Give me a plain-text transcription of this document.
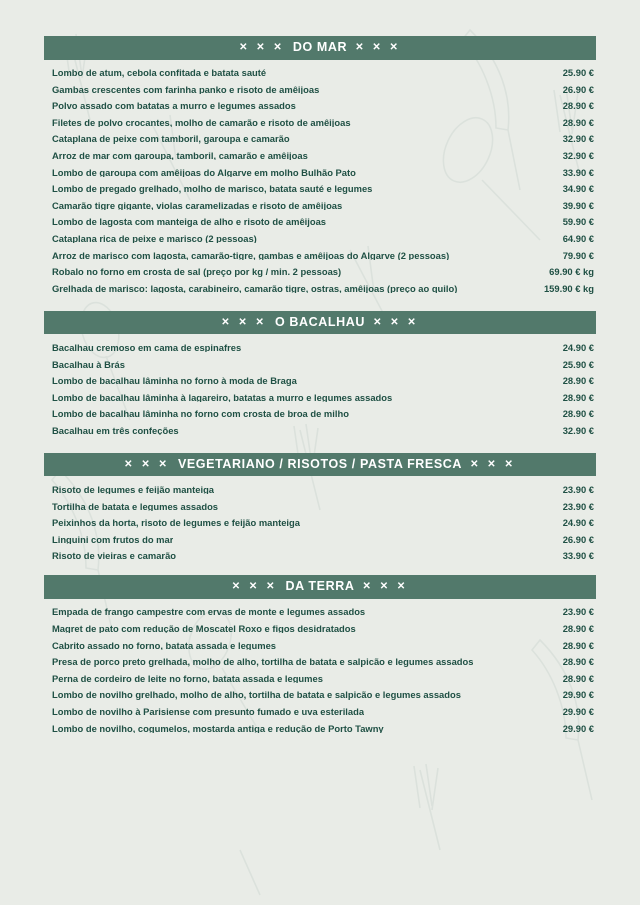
✕ ✕ ✕ DO MAR ✕ ✕ ✕
Lombo de atum, cebola confitada e batata sauté	25.90 €
Gambas crescentes com farinha panko e risoto de amêijoas	26.90 €
Polvo assado com batatas a murro e legumes assados	28.90 €
Filetes de polvo crocantes, molho de camarão e risoto de amêijoas	28.90 €
Cataplana de peixe com tamboril, garoupa e camarão	32.90 €
Arroz de mar com garoupa, tamboril, camarão e amêijoas	32.90 €
Lombo de garoupa com amêijoas do Algarve em molho Bulhão Pato	33.90 €
Lombo de pregado grelhado, molho de marisco, batata sauté e legumes	34.90 €
Camarão tigre gigante, violas caramelizadas e risoto de amêijoas	39.90 €
Lombo de lagosta com manteiga de alho e risoto de amêijoas	59.90 €
Cataplana rica de peixe e marisco (2 pessoas)	64.90 €
Arroz de marisco com lagosta, camarão-tigre, gambas e amêijoas do Algarve (2 pessoas)	79.90 €
Robalo no forno em crosta de sal (preço por kg / min. 2 pessoas)	69.90 € kg
Grelhada de marisco: lagosta, carabineiro, camarão tigre, ostras, amêijoas (preço ao quilo)	159.90 € kg
✕ ✕ ✕ O BACALHAU ✕ ✕ ✕
Bacalhau cremoso em cama de espinafres	24.90 €
Bacalhau à Brás	25.90 €
Lombo de bacalhau lâminha no forno à moda de Braga	28.90 €
Lombo de bacalhau lâminha à lagareiro, batatas a murro e legumes assados	28.90 €
Lombo de bacalhau lâminha no forno com crosta de broa de milho	28.90 €
Bacalhau em três confeções	32.90 €
✕ ✕ ✕ VEGETARIANO / RISOTOS / PASTA FRESCA ✕ ✕ ✕
Risoto de legumes e feijão manteiga	23.90 €
Tortilha de batata e legumes assados	23.90 €
Peixinhos da horta, risoto de legumes e feijão manteiga	24.90 €
Linguini com frutos do mar	26.90 €
Risoto de vieiras e camarão	33.90 €
✕ ✕ ✕ DA TERRA ✕ ✕ ✕
Empada de frango campestre com ervas de monte e legumes assados	23.90 €
Magret de pato com redução de Moscatel Roxo e figos desidratados	28.90 €
Cabrito assado no forno, batata assada e legumes	28.90 €
Presa de porco preto grelhada, molho de alho, tortilha de batata e salpicão e legumes assados	28.90 €
Perna de cordeiro de leite no forno, batata assada e legumes	28.90 €
Lombo de novilho grelhado, molho de alho, tortilha de batata e salpicão e legumes assados	29.90 €
Lombo de novilho à Parisiense com presunto fumado e uva esterilada	29.90 €
Lombo de novilho, cogumelos, mostarda antiga e redução de Porto Tawny	29.90 €
